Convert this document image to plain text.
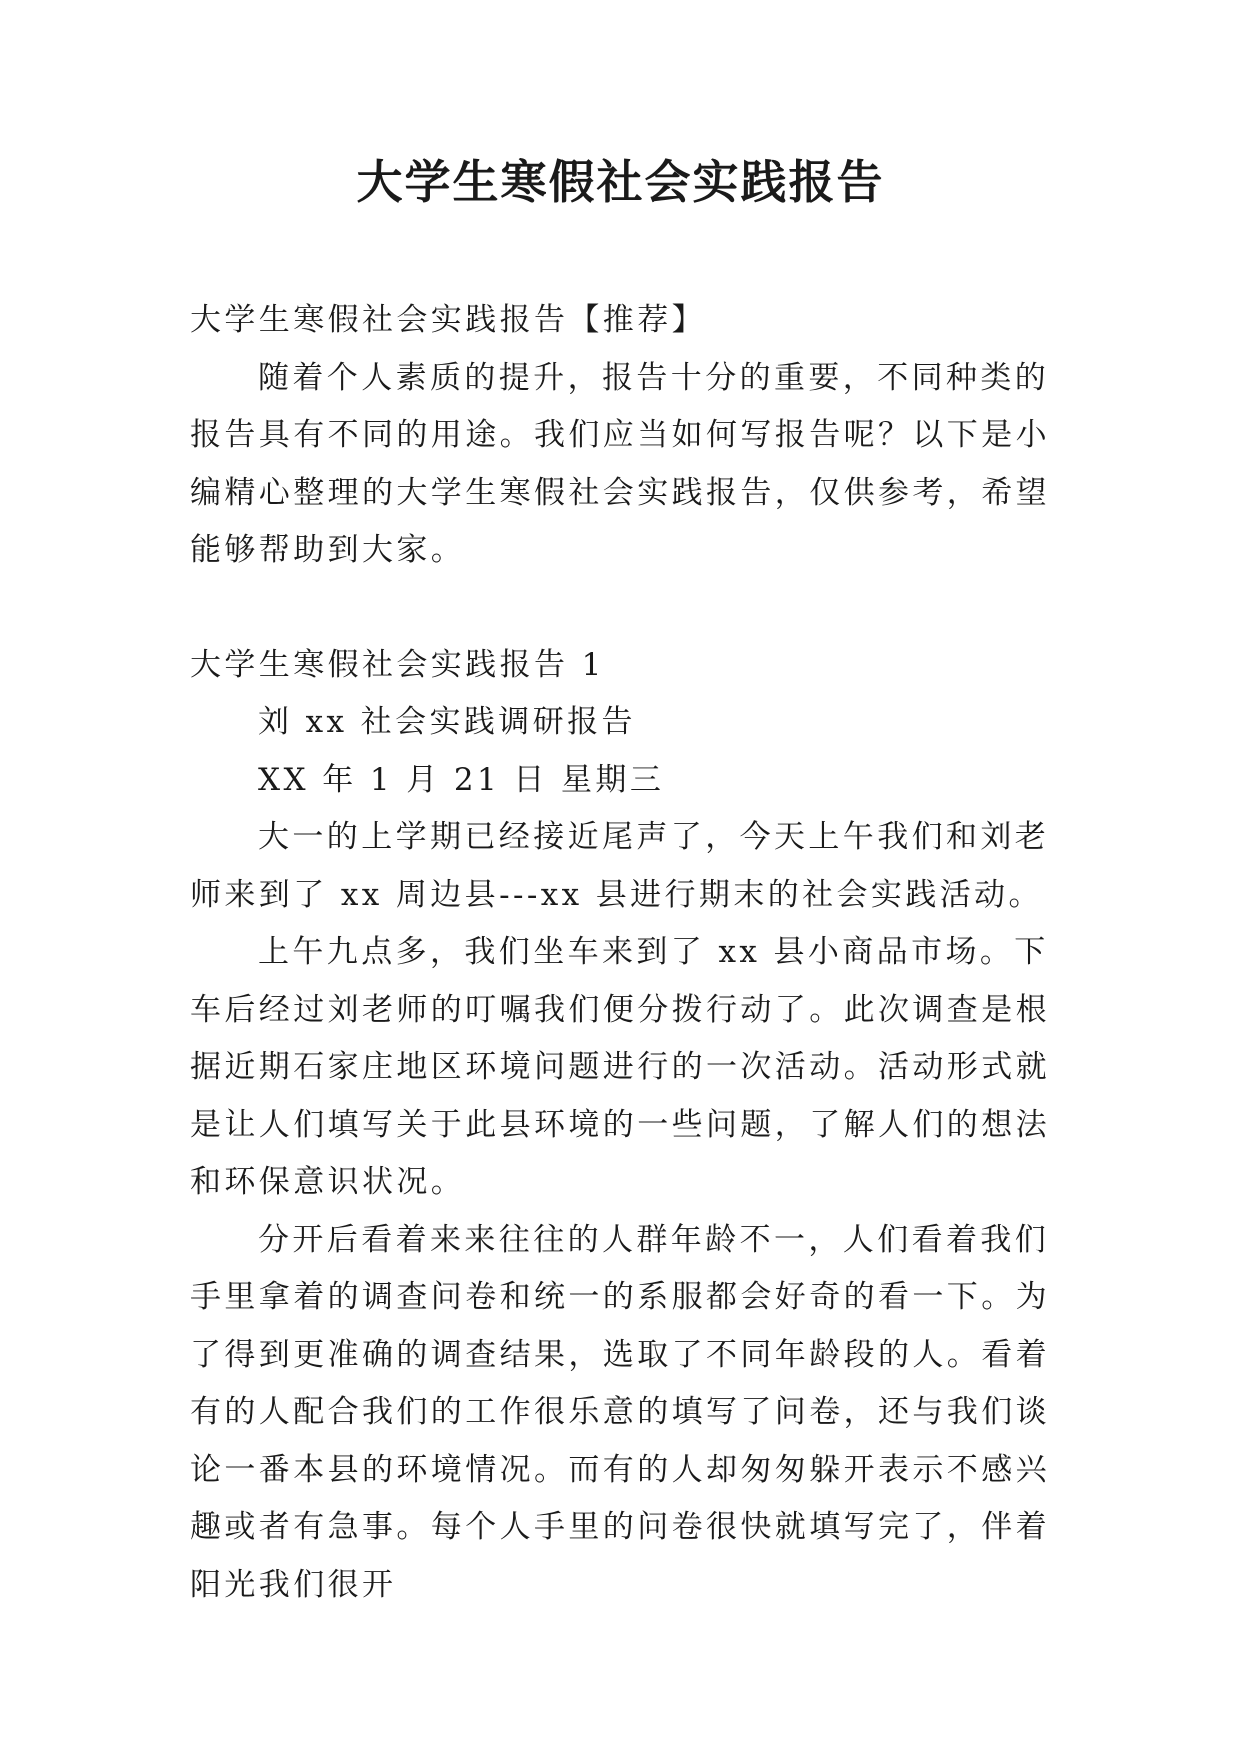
大学生寒假社会实践报告

大学生寒假社会实践报告【推荐】

随着个人素质的提升，报告十分的重要，不同种类的报告具有不同的用途。我们应当如何写报告呢？以下是小编精心整理的大学生寒假社会实践报告，仅供参考，希望能够帮助到大家。

大学生寒假社会实践报告 1

刘 xx 社会实践调研报告

XX 年 1 月 21 日 星期三

大一的上学期已经接近尾声了，今天上午我们和刘老师来到了 xx 周边县---xx 县进行期末的社会实践活动。

上午九点多，我们坐车来到了 xx 县小商品市场。下车后经过刘老师的叮嘱我们便分拨行动了。此次调查是根据近期石家庄地区环境问题进行的一次活动。活动形式就是让人们填写关于此县环境的一些问题，了解人们的想法和环保意识状况。

分开后看着来来往往的人群年龄不一，人们看着我们手里拿着的调查问卷和统一的系服都会好奇的看一下。为了得到更准确的调查结果，选取了不同年龄段的人。看着有的人配合我们的工作很乐意的填写了问卷，还与我们谈论一番本县的环境情况。而有的人却匆匆躲开表示不感兴趣或者有急事。每个人手里的问卷很快就填写完了，伴着阳光我们很开
